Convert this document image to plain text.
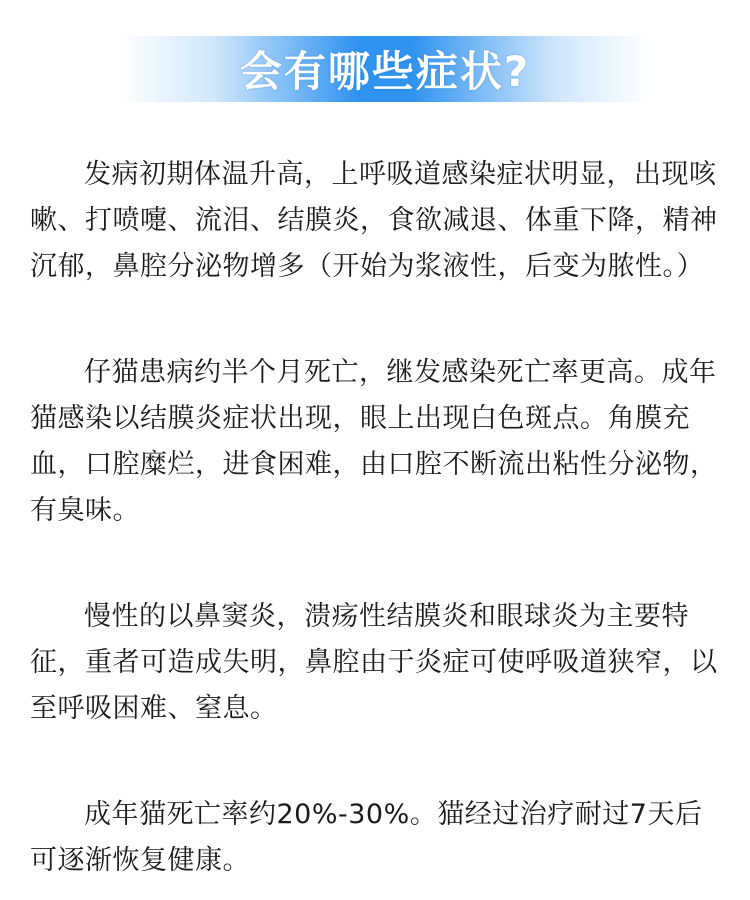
会有哪些症状?

发病初期体温升高，上呼吸道感染症状明显，出现咳嗽、打喷嚏、流泪、结膜炎，食欲减退、体重下降，精神沉郁，鼻腔分泌物增多（开始为浆液性，后变为脓性。）

仔猫患病约半个月死亡，继发感染死亡率更高。成年猫感染以结膜炎症状出现，眼上出现白色斑点。角膜充血，口腔糜烂，进食困难，由口腔不断流出粘性分泌物，有臭味。

慢性的以鼻窦炎，溃疡性结膜炎和眼球炎为主要特征，重者可造成失明，鼻腔由于炎症可使呼吸道狭窄，以至呼吸困难、窒息。

成年猫死亡率约20%-30%。猫经过治疗耐过7天后可逐渐恢复健康。
